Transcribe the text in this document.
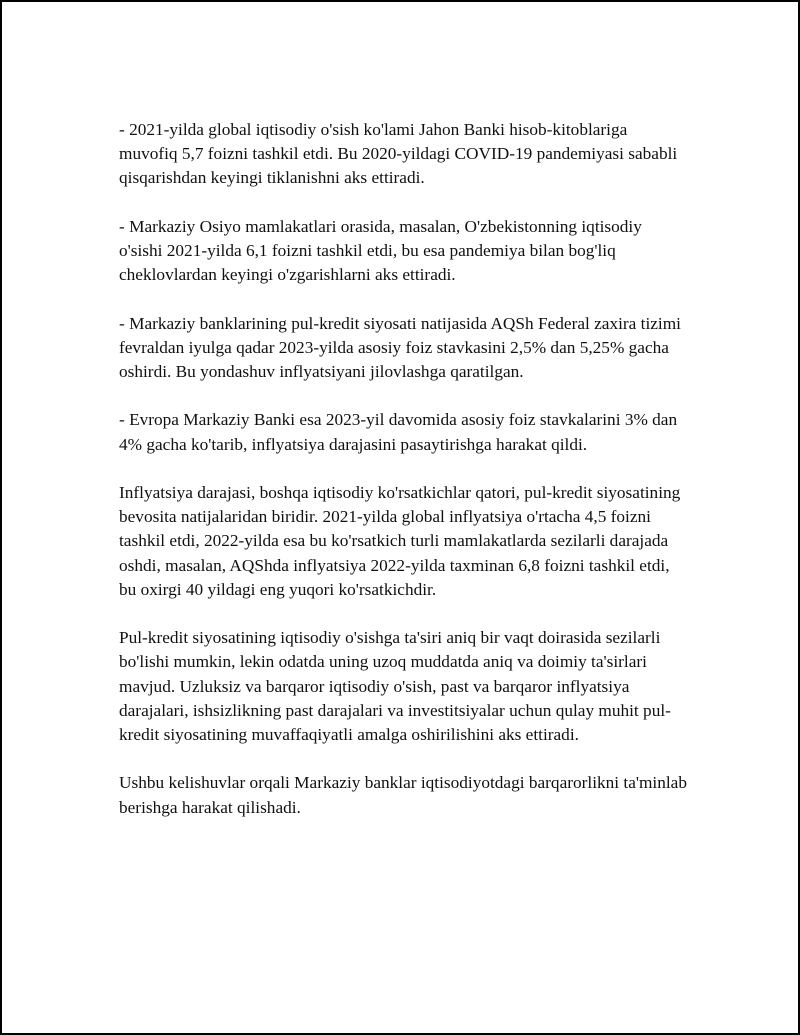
- 2021-yilda global iqtisodiy o'sish ko'lami Jahon Banki hisob-kitoblariga muvofiq 5,7 foizni tashkil etdi. Bu 2020-yildagi COVID-19 pandemiyasi sababli qisqarishdan keyingi tiklanishni aks ettiradi.

- Markaziy Osiyo mamlakatlari orasida, masalan, O'zbekistonning iqtisodiy o'sishi 2021-yilda 6,1 foizni tashkil etdi, bu esa pandemiya bilan bog'liq cheklovlardan keyingi o'zgarishlarni aks ettiradi.

- Markaziy banklarining pul-kredit siyosati natijasida AQSh Federal zaxira tizimi fevraldan iyulga qadar 2023-yilda asosiy foiz stavkasini 2,5% dan 5,25% gacha oshirdi. Bu yondashuv inflyatsiyani jilovlashga qaratilgan.

- Evropa Markaziy Banki esa 2023-yil davomida asosiy foiz stavkalarini 3% dan 4% gacha ko'tarib, inflyatsiya darajasini pasaytirishga harakat qildi.

Inflyatsiya darajasi, boshqa iqtisodiy ko'rsatkichlar qatori, pul-kredit siyosatining bevosita natijalaridan biridir. 2021-yilda global inflyatsiya o'rtacha 4,5 foizni tashkil etdi, 2022-yilda esa bu ko'rsatkich turli mamlakatlarda sezilarli darajada oshdi, masalan, AQShda inflyatsiya 2022-yilda taxminan 6,8 foizni tashkil etdi, bu oxirgi 40 yildagi eng yuqori ko'rsatkichdir.

Pul-kredit siyosatining iqtisodiy o'sishga ta'siri aniq bir vaqt doirasida sezilarli bo'lishi mumkin, lekin odatda uning uzoq muddatda aniq va doimiy ta'sirlari mavjud. Uzluksiz va barqaror iqtisodiy o'sish, past va barqaror inflyatsiya darajalari, ishsizlikning past darajalari va investitsiyalar uchun qulay muhit pul-kredit siyosatining muvaffaqiyatli amalga oshirilishini aks ettiradi.

Ushbu kelishuvlar orqali Markaziy banklar iqtisodiyotdagi barqarorlikni ta'minlab berishga harakat qilishadi.
